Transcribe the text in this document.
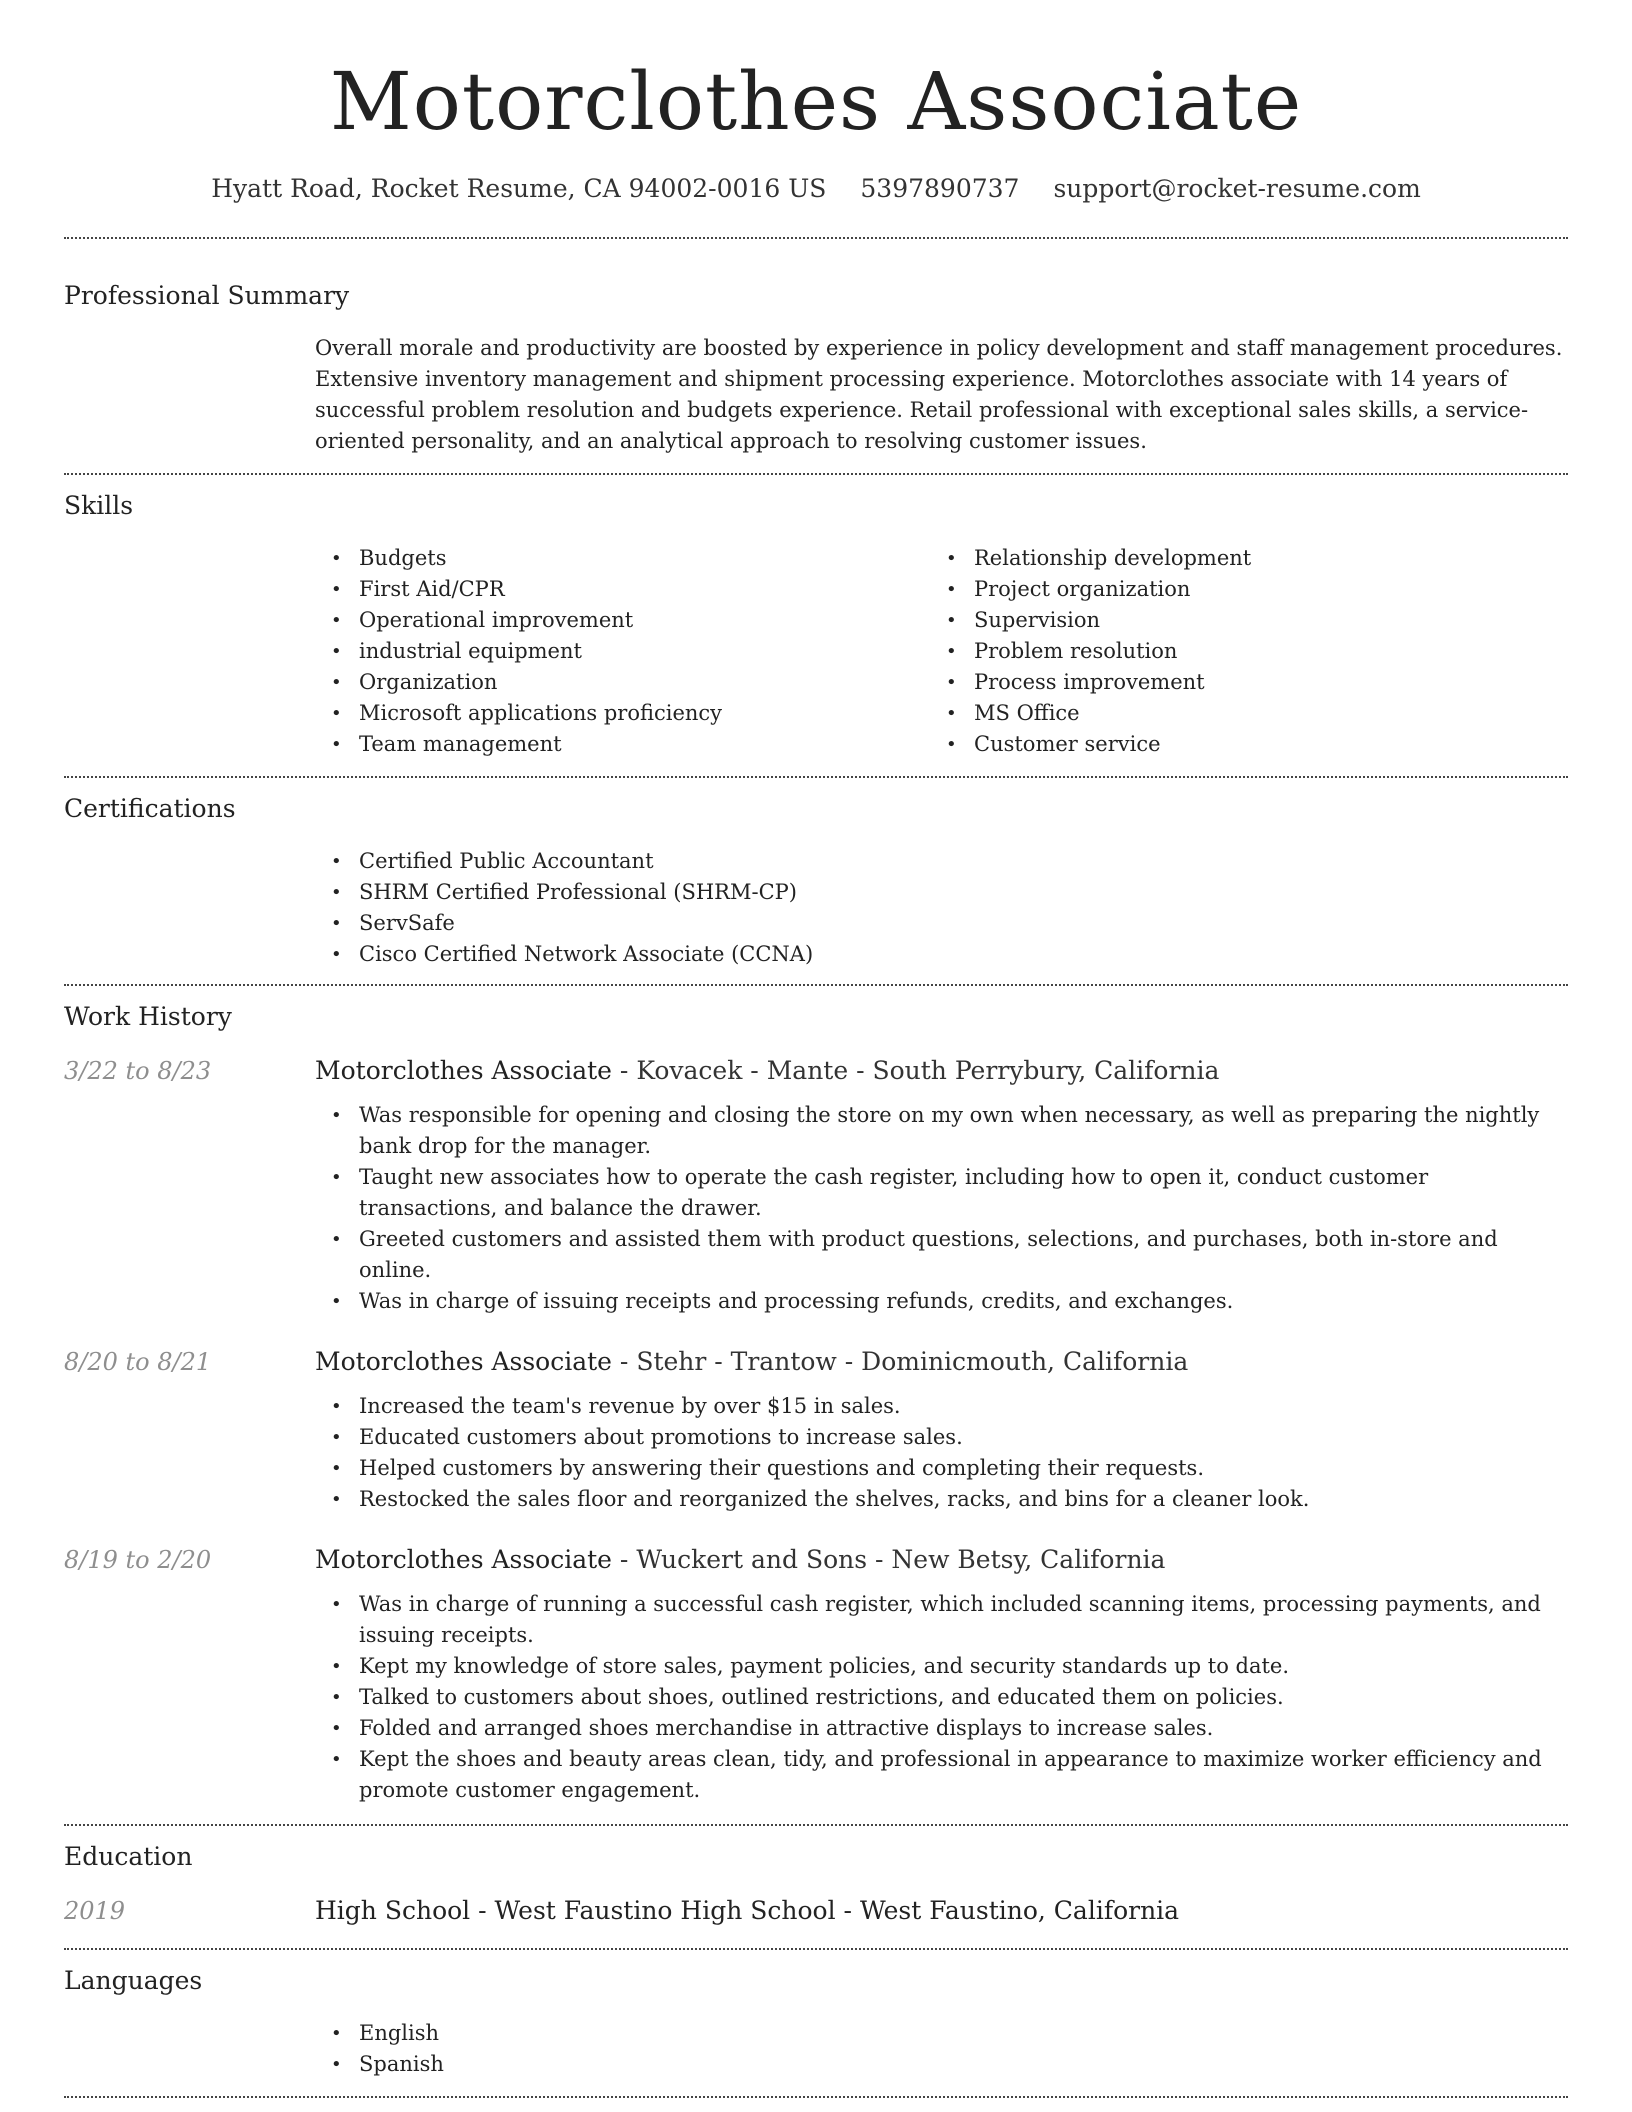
Motorclothes Associate
Hyatt Road, Rocket Resume, CA 94002-0016 US 5397890737 support@rocket-resume.com
Professional Summary
Overall morale and productivity are boosted by experience in policy development and staff management procedures. Extensive inventory management and shipment processing experience. Motorclothes associate with 14 years of successful problem resolution and budgets experience. Retail professional with exceptional sales skills, a service-oriented personality, and an analytical approach to resolving customer issues.
Skills
• Budgets
• First Aid/CPR
• Operational improvement
• industrial equipment
• Organization
• Microsoft applications proficiency
• Team management
• Relationship development
• Project organization
• Supervision
• Problem resolution
• Process improvement
• MS Office
• Customer service
Certifications
• Certified Public Accountant
• SHRM Certified Professional (SHRM-CP)
• ServSafe
• Cisco Certified Network Associate (CCNA)
Work History
3/22 to 8/23	Motorclothes Associate - Kovacek - Mante - South Perrybury, California
• Was responsible for opening and closing the store on my own when necessary, as well as preparing the nightly bank drop for the manager.
• Taught new associates how to operate the cash register, including how to open it, conduct customer transactions, and balance the drawer.
• Greeted customers and assisted them with product questions, selections, and purchases, both in-store and online.
• Was in charge of issuing receipts and processing refunds, credits, and exchanges.
8/20 to 8/21	Motorclothes Associate - Stehr - Trantow - Dominicmouth, California
• Increased the team's revenue by over $15 in sales.
• Educated customers about promotions to increase sales.
• Helped customers by answering their questions and completing their requests.
• Restocked the sales floor and reorganized the shelves, racks, and bins for a cleaner look.
8/19 to 2/20	Motorclothes Associate - Wuckert and Sons - New Betsy, California
• Was in charge of running a successful cash register, which included scanning items, processing payments, and issuing receipts.
• Kept my knowledge of store sales, payment policies, and security standards up to date.
• Talked to customers about shoes, outlined restrictions, and educated them on policies.
• Folded and arranged shoes merchandise in attractive displays to increase sales.
• Kept the shoes and beauty areas clean, tidy, and professional in appearance to maximize worker efficiency and promote customer engagement.
Education
2019	High School - West Faustino High School - West Faustino, California
Languages
• English
• Spanish
